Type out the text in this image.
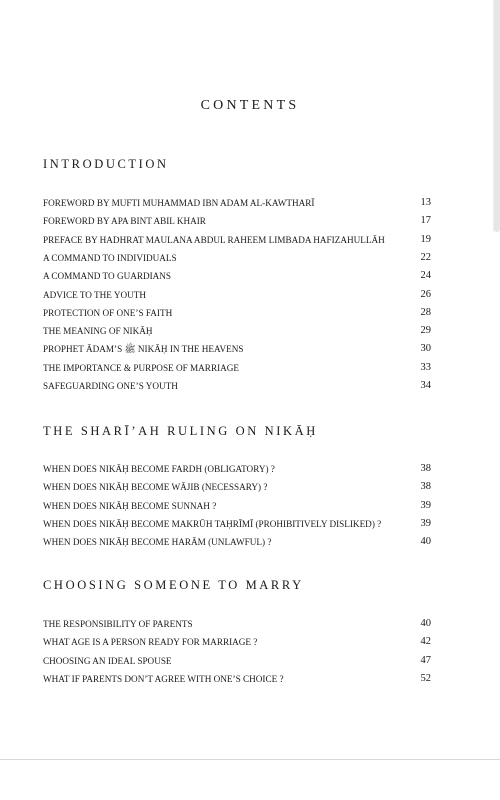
CONTENTS
INTRODUCTION
FOREWORD BY MUFTI MUHAMMAD IBN ADAM AL-KAWTHARĪ	13
FOREWORD BY APA BINT ABIL KHAIR	17
PREFACE BY HADHRAT MAULANA ABDUL RAHEEM LIMBADA HAFIZAHULLĀH	19
A COMMAND TO INDIVIDUALS	22
A COMMAND TO GUARDIANS	24
ADVICE TO THE YOUTH	26
PROTECTION OF ONE’S FAITH	28
THE MEANING OF NIKĀḤ	29
PROPHET ĀDAM’S ﷺ NIKĀḤ IN THE HEAVENS	30
THE IMPORTANCE & PURPOSE OF MARRIAGE	33
SAFEGUARDING ONE’S YOUTH	34
THE SHARĪ’AH RULING ON NIKĀḤ
WHEN DOES NIKĀḤ BECOME FARDH (OBLIGATORY) ?	38
WHEN DOES NIKĀḤ BECOME WĀJIB (NECESSARY) ?	38
WHEN DOES NIKĀḤ BECOME SUNNAH ?	39
WHEN DOES NIKĀḤ BECOME MAKRŪH TAḤRĪMĪ (PROHIBITIVELY DISLIKED) ?	39
WHEN DOES NIKĀḤ BECOME HARĀM (UNLAWFUL) ?	40
CHOOSING SOMEONE TO MARRY
THE RESPONSIBILITY OF PARENTS	40
WHAT AGE IS A PERSON READY FOR MARRIAGE ?	42
CHOOSING AN IDEAL SPOUSE	47
WHAT IF PARENTS DON’T AGREE WITH ONE’S CHOICE ?	52
